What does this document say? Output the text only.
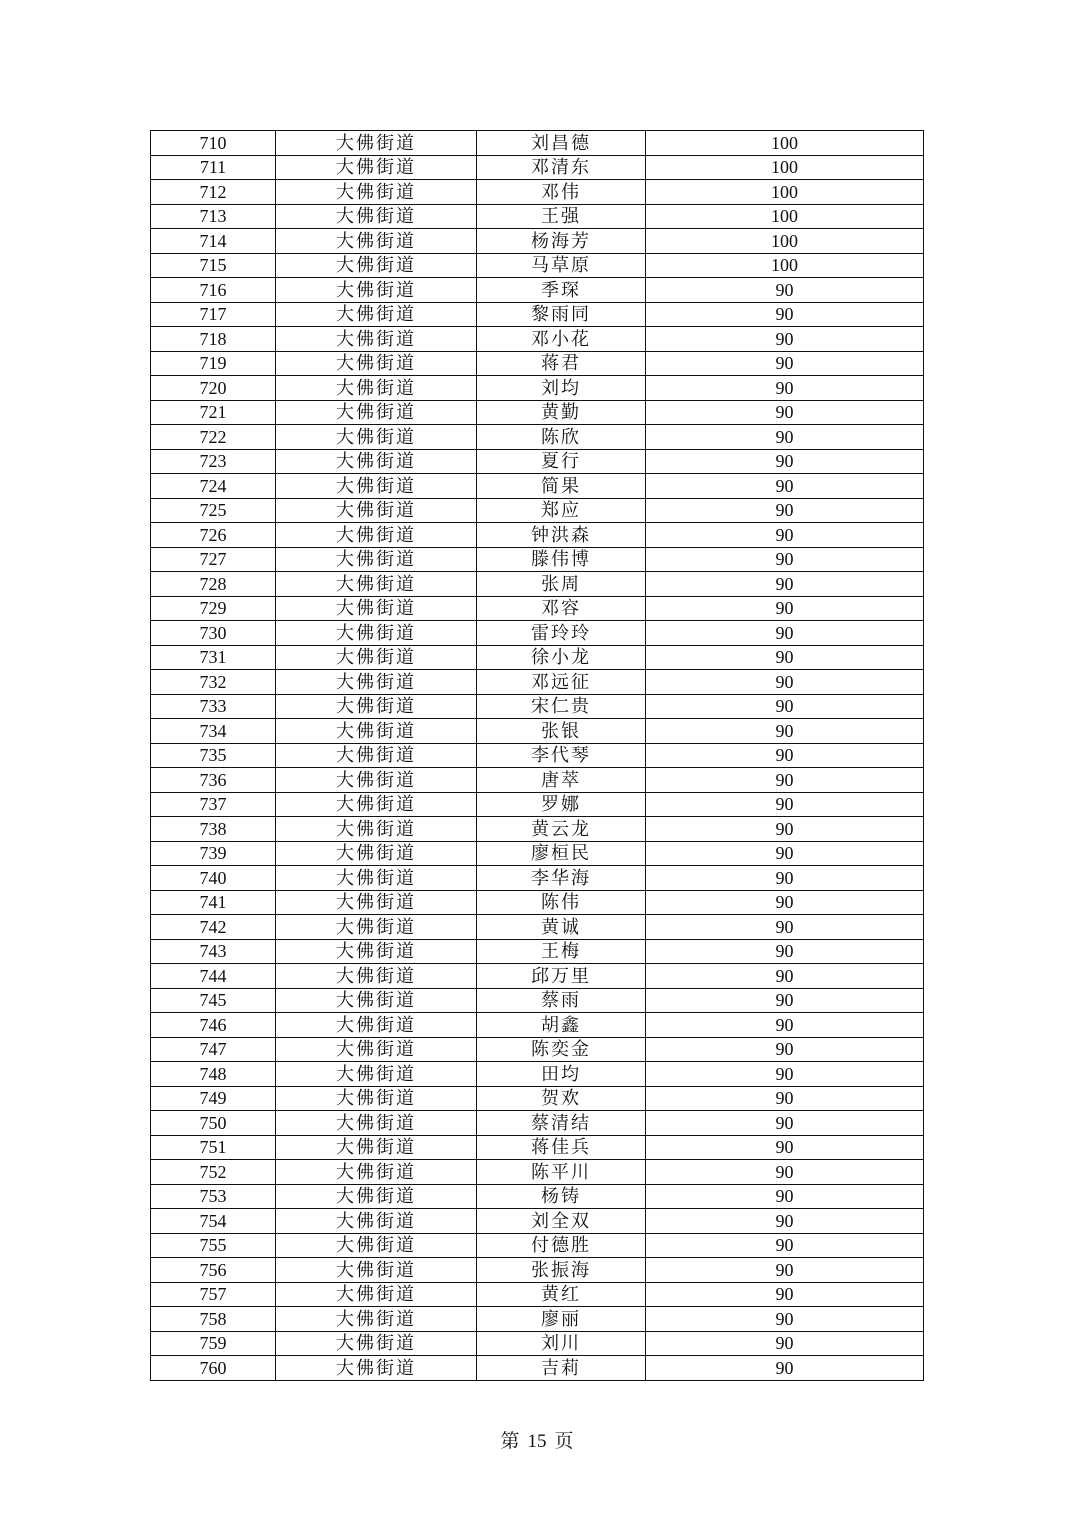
710	大佛街道	刘昌德	100
711	大佛街道	邓清东	100
712	大佛街道	邓伟	100
713	大佛街道	王强	100
714	大佛街道	杨海芳	100
715	大佛街道	马草原	100
716	大佛街道	季琛	90
717	大佛街道	黎雨同	90
718	大佛街道	邓小花	90
719	大佛街道	蒋君	90
720	大佛街道	刘均	90
721	大佛街道	黄勤	90
722	大佛街道	陈欣	90
723	大佛街道	夏行	90
724	大佛街道	简果	90
725	大佛街道	郑应	90
726	大佛街道	钟洪森	90
727	大佛街道	滕伟博	90
728	大佛街道	张周	90
729	大佛街道	邓容	90
730	大佛街道	雷玲玲	90
731	大佛街道	徐小龙	90
732	大佛街道	邓远征	90
733	大佛街道	宋仁贵	90
734	大佛街道	张银	90
735	大佛街道	李代琴	90
736	大佛街道	唐萃	90
737	大佛街道	罗娜	90
738	大佛街道	黄云龙	90
739	大佛街道	廖桓民	90
740	大佛街道	李华海	90
741	大佛街道	陈伟	90
742	大佛街道	黄诚	90
743	大佛街道	王梅	90
744	大佛街道	邱万里	90
745	大佛街道	蔡雨	90
746	大佛街道	胡鑫	90
747	大佛街道	陈奕金	90
748	大佛街道	田均	90
749	大佛街道	贺欢	90
750	大佛街道	蔡清结	90
751	大佛街道	蒋佳兵	90
752	大佛街道	陈平川	90
753	大佛街道	杨铸	90
754	大佛街道	刘全双	90
755	大佛街道	付德胜	90
756	大佛街道	张振海	90
757	大佛街道	黄红	90
758	大佛街道	廖丽	90
759	大佛街道	刘川	90
760	大佛街道	吉莉	90
第 15 页
